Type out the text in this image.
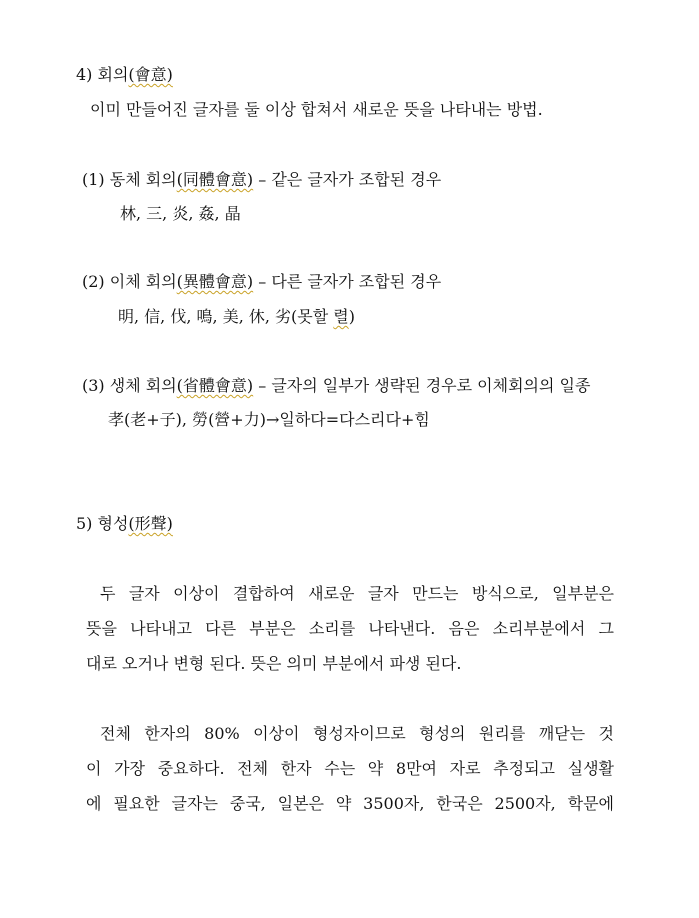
4) 회의(會意)
이미 만들어진 글자를 둘 이상 합쳐서 새로운 뜻을 나타내는 방법.
(1) 동체 회의(同體會意) – 같은 글자가 조합된 경우
林, 三, 炎, 姦, 晶
(2) 이체 회의(異體會意) – 다른 글자가 조합된 경우
明, 信, 伐, 鳴, 美, 休, 劣(못할 렬)
(3) 생체 회의(省體會意) – 글자의 일부가 생략된 경우로 이체회의의 일종
孝(老+子), 勞(營+力)→일하다=다스리다+힘
5) 형성(形聲)
두 글자 이상이 결합하여 새로운 글자 만드는 방식으로, 일부분은
뜻을 나타내고 다른 부분은 소리를 나타낸다. 음은 소리부분에서 그
대로 오거나 변형 된다. 뜻은 의미 부분에서 파생 된다.
전체 한자의 80% 이상이 형성자이므로 형성의 원리를 깨닫는 것
이 가장 중요하다. 전체 한자 수는 약 8만여 자로 추정되고 실생활
에 필요한 글자는 중국, 일본은 약 3500자, 한국은 2500자, 학문에
